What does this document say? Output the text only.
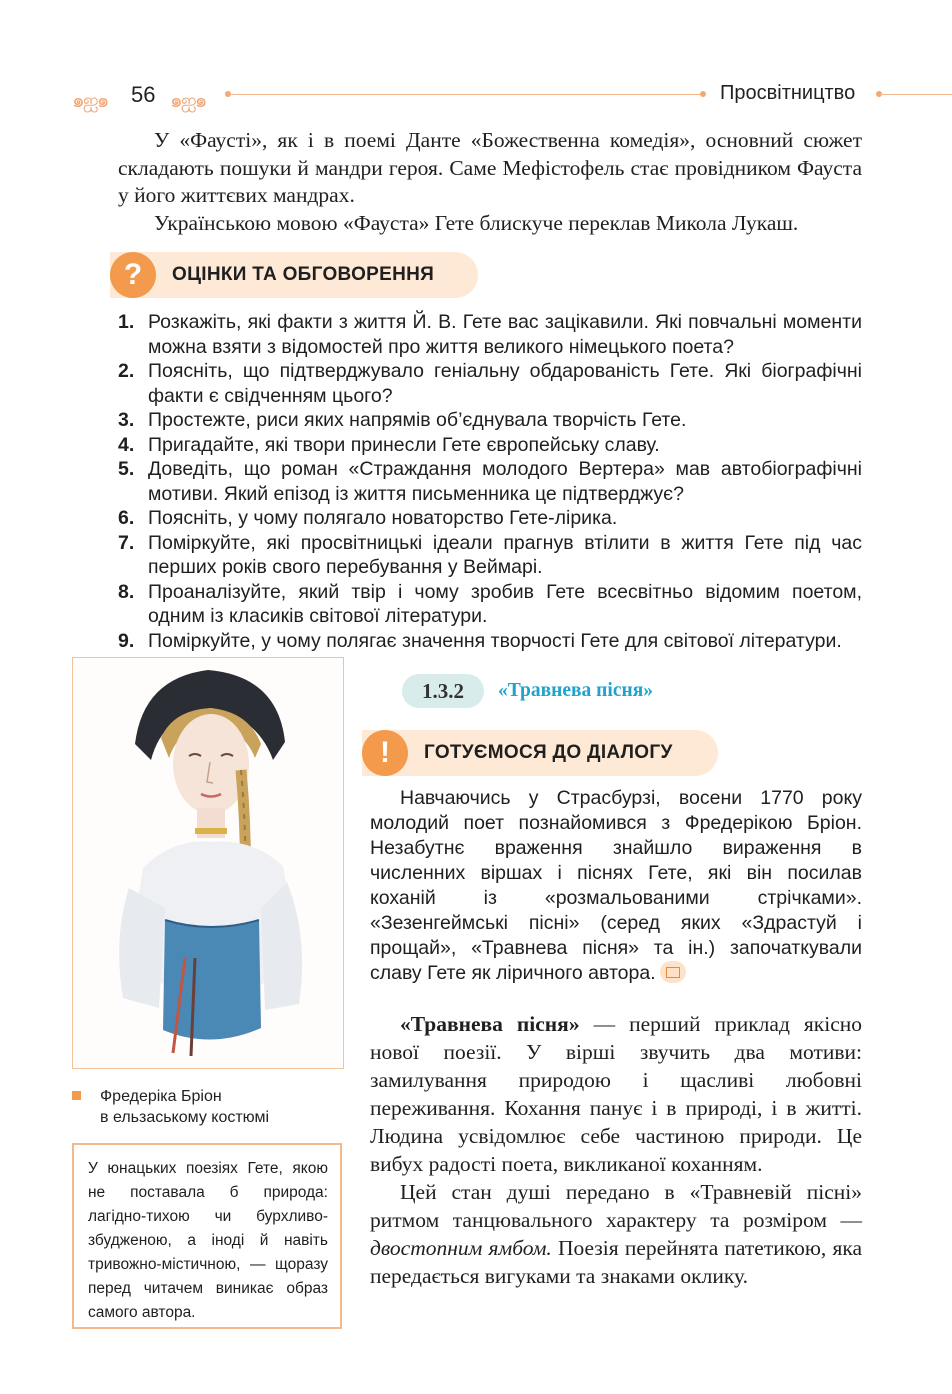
๑ஐ๑ 56 ๑ஐ๑	Просвітництво

У «Фаусті», як і в поемі Данте «Божественна комедія», основний сюжет складають пошуки й мандри героя. Саме Мефістофель стає провідником Фауста у його життєвих мандрах.

Українською мовою «Фауста» Гете блискуче переклав Микола Лукаш.

?	ОЦІНКИ ТА ОБГОВОРЕННЯ
1. Розкажіть, які факти з життя Й. В. Гете вас зацікавили. Які повчальні моменти можна взяти з відомостей про життя великого німецького поета?
2. Поясніть, що підтверджувало геніальну обдарованість Гете. Які біографічні факти є свідченням цього?
3. Простежте, риси яких напрямів об’єднувала творчість Гете.
4. Пригадайте, які твори принесли Гете європейську славу.
5. Доведіть, що роман «Страждання молодого Вертера» мав автобіографічні мотиви. Який епізод із життя письменника це підтверджує?
6. Поясніть, у чому полягало новаторство Гете-лірика.
7. Поміркуйте, які просвітницькі ідеали прагнув втілити в життя Гете під час перших років свого перебування у Веймарі.
8. Проаналізуйте, який твір і чому зробив Гете всесвітньо відомим поетом, одним із класиків світової літератури.
9. Поміркуйте, у чому полягає значення творчості Гете для світової літератури.
Фредеріка Бріон
в ельзаському костюмі
У юнацьких поезіях Гете, якою не поставала б природа: лагідно-тихою чи бурхливо-збудженою, а іноді й навіть тривожно-містичною, — щоразу перед читачем виникає образ самого автора.
1.3.2	«Травнева пісня»
!	ГОТУЄМОСЯ ДО ДІАЛОГУ

Навчаючись у Страсбурзі, восени 1770 року молодий поет познайомився з Фредерікою Бріон. Незабутнє враження знайшло вираження в численних віршах і піснях Гете, які він посилав коханій із «розмальованими стрічками». «Зезенгеймські пісні» (серед яких «Здрастуй і прощай», «Травнева пісня» та ін.) започаткували славу Гете як ліричного автора.

«Травнева пісня» — перший приклад якісно нової поезії. У вірші звучить два мотиви: замилування природою і щасливі любовні переживання. Кохання панує і в природі, і в житті. Людина усвідомлює себе частиною природи. Це вибух радості поета, викликаної коханням.

Цей стан душі передано в «Травневій пісні» ритмом танцювального характеру та розміром — двостопним ямбом. Поезія перейнята патетикою, яка передається вигуками та знаками оклику.
